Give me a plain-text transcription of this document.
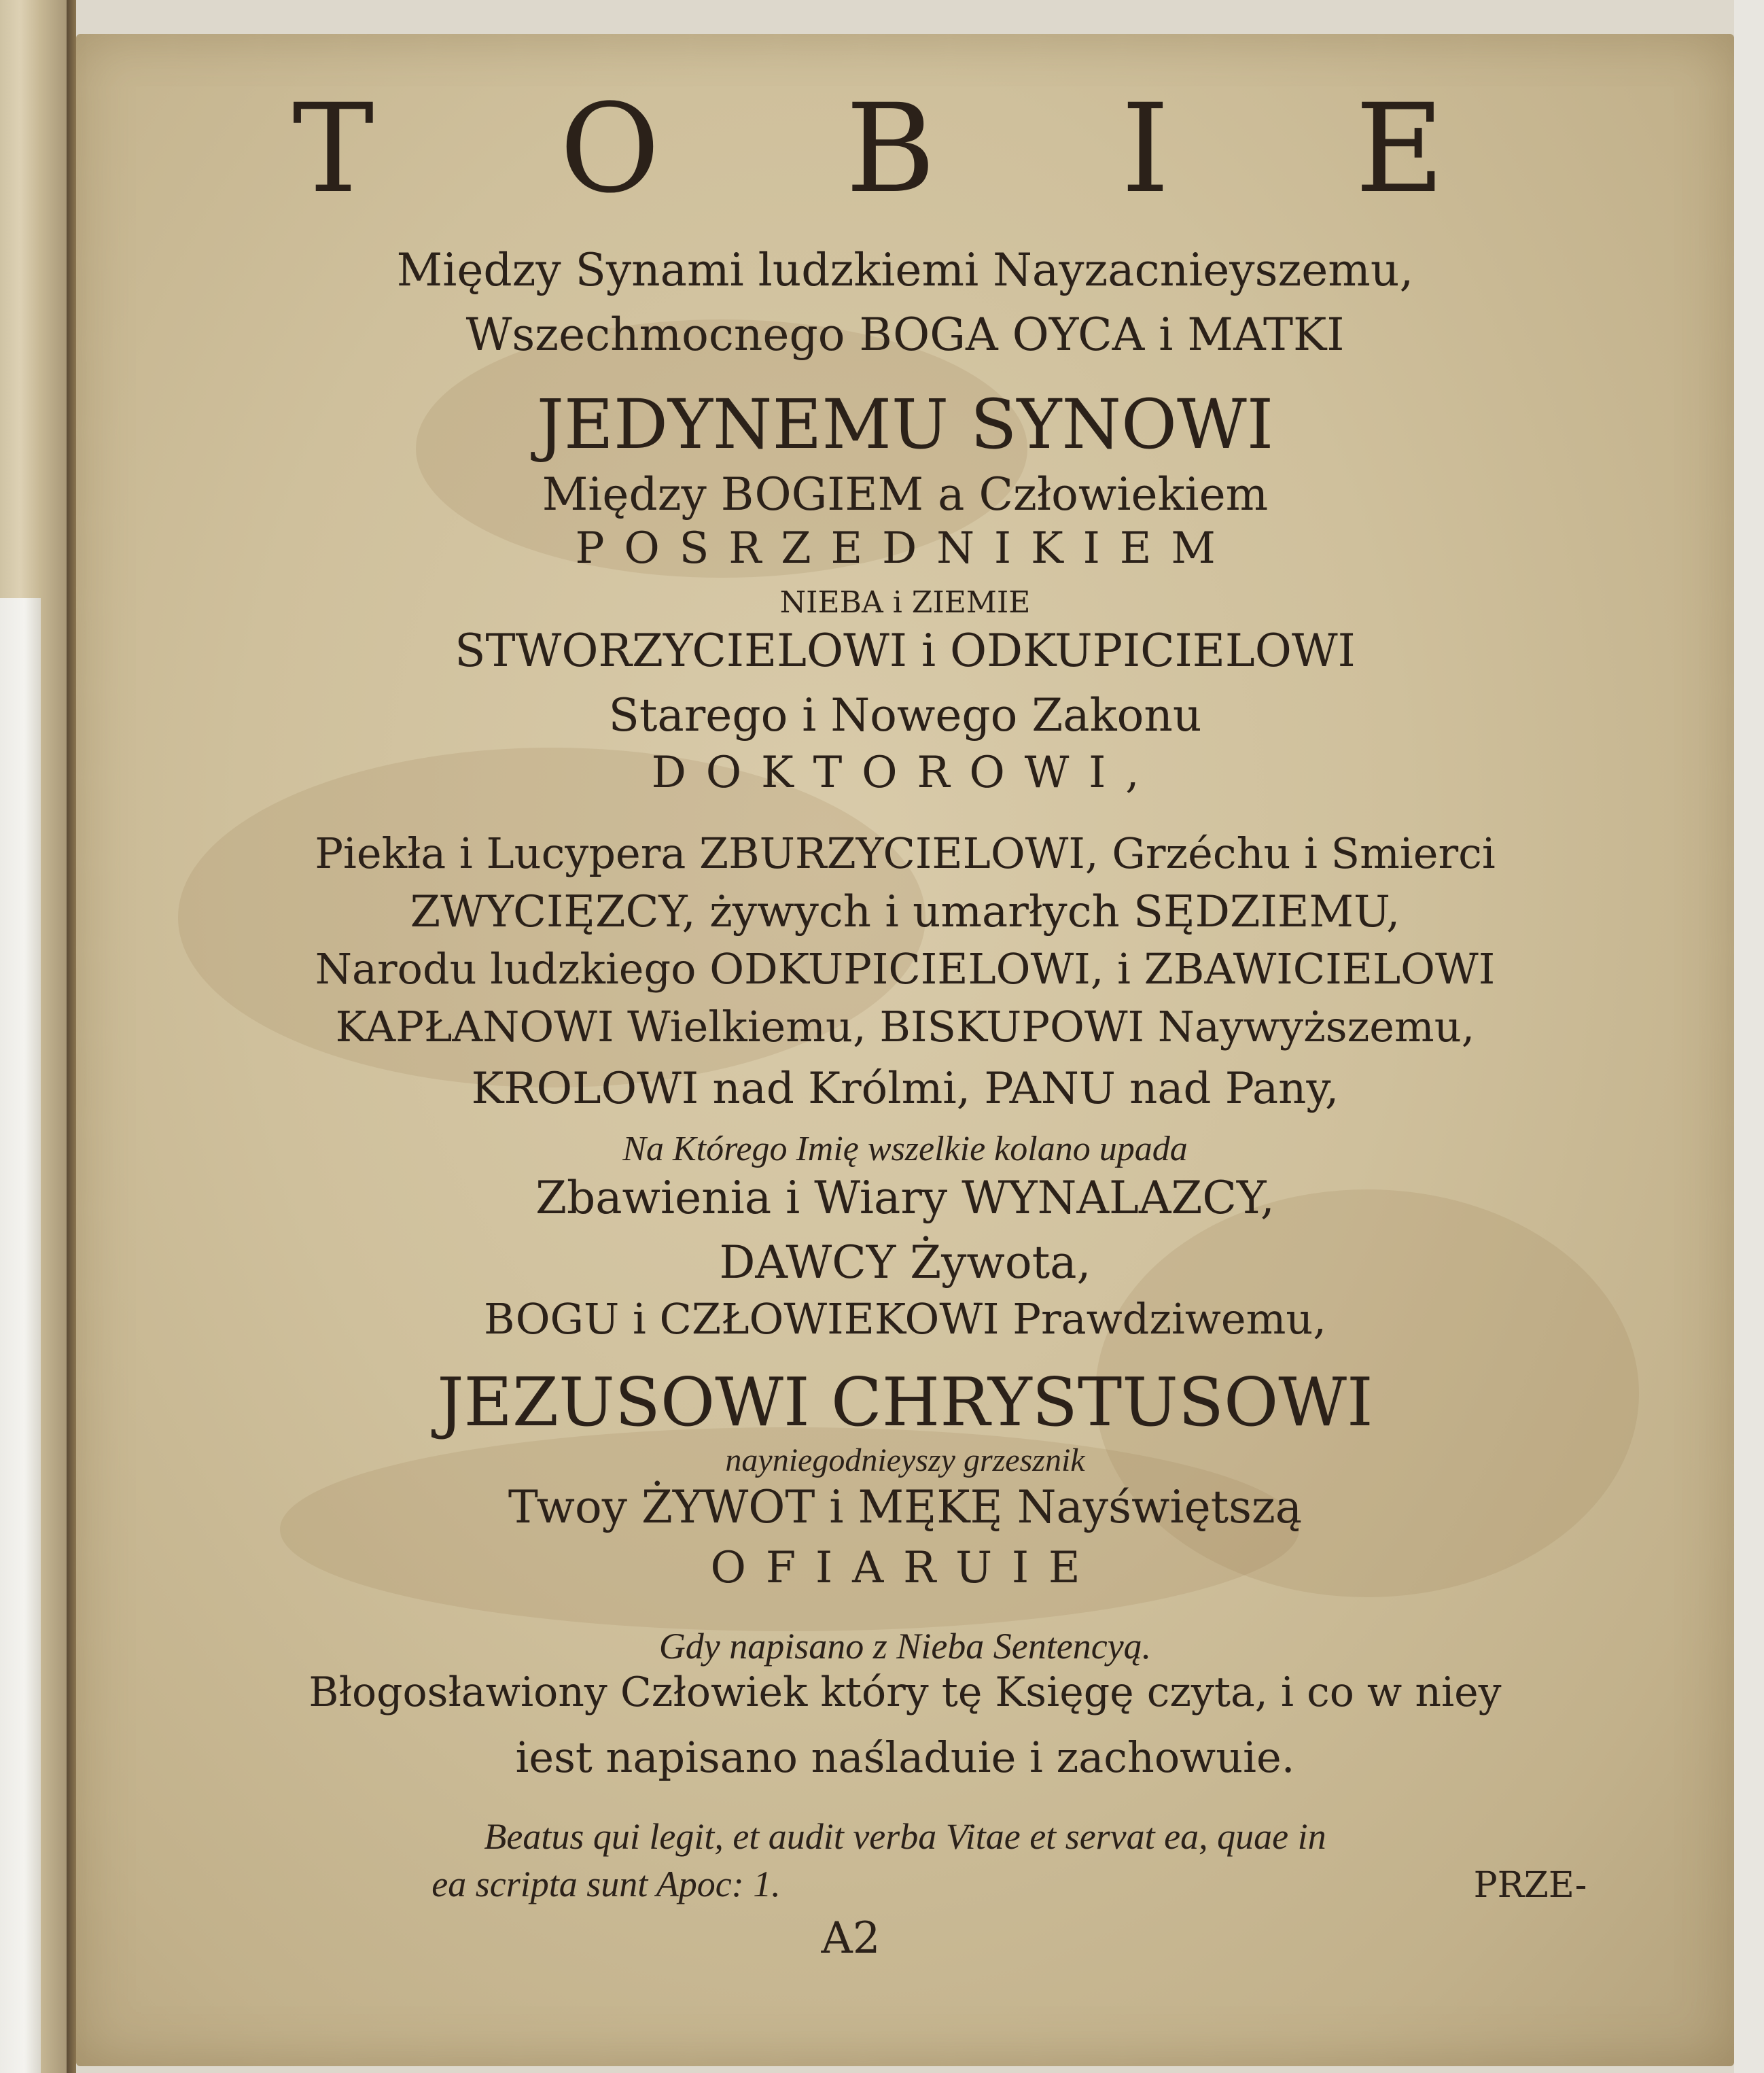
T O B I E
Między Synami ludzkiemi Nayzacnieyszemu,
Wszechmocnego BOGA OYCA i MATKI
JEDYNEMU SYNOWI
Między BOGIEM a Człowiekiem
POSRZEDNIKIEM
NIEBA i ZIEMIE
STWORZYCIELOWI i ODKUPICIELOWI
Starego i Nowego Zakonu
DOKTOROWI,
Piekła i Lucypera ZBURZYCIELOWI, Grzéchu i Smierci
ZWYCIĘZCY, żywych i umarłych SĘDZIEMU,
Narodu ludzkiego ODKUPICIELOWI, i ZBAWICIELOWI
KAPŁANOWI Wielkiemu, BISKUPOWI Naywyższemu,
KROLOWI nad Królmi, PANU nad Pany,
Na Którego Imię wszelkie kolano upada
Zbawienia i Wiary WYNALAZCY,
DAWCY Żywota,
BOGU i CZŁOWIEKOWI Prawdziwemu,
JEZUSOWI CHRYSTUSOWI
nayniegodnieyszy grzesznik
Twoy ŻYWOT i MĘKĘ Nayświętszą
OFIARUIE
Gdy napisano z Nieba Sentencyą.
Błogosławiony Człowiek który tę Księgę czyta, i co w niey
iest napisano naśladuie i zachowuie.
Beatus qui legit, et audit verba Vitae et servat ea, quae in
ea scripta sunt Apoc: 1.	PRZE-
A2
